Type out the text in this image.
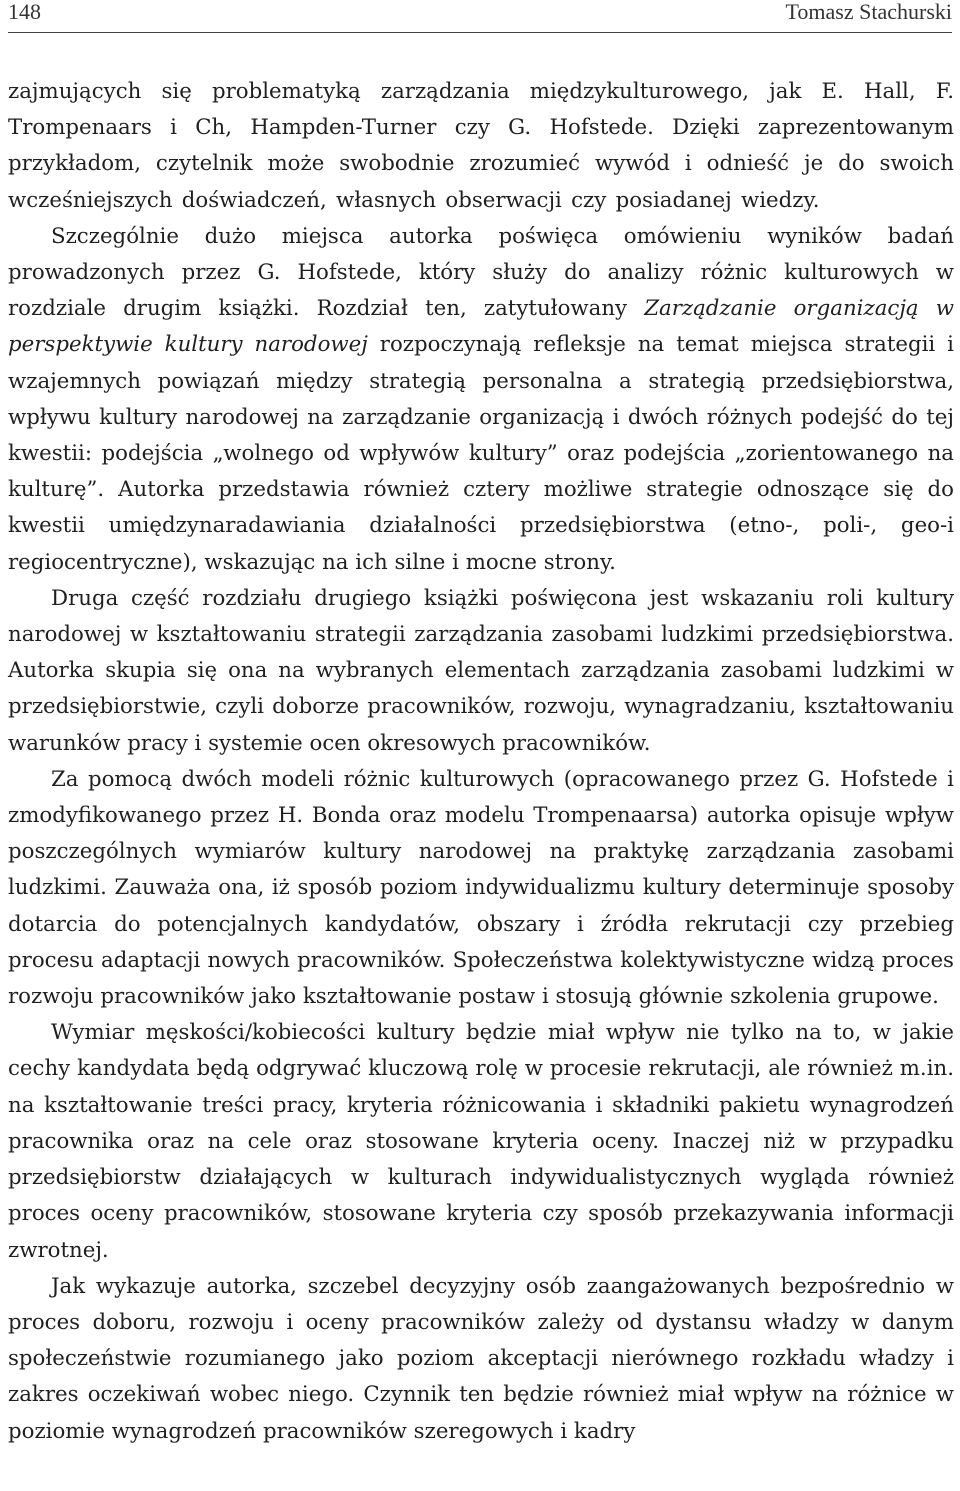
148	Tomasz Stachurski

zajmujących się problematyką zarządzania międzykulturowego, jak E. Hall, F. Trompenaars i Ch, Hampden-Turner czy G. Hofstede. Dzięki zaprezentowanym przykładom, czytelnik może swobodnie zrozumieć wywód i odnieść je do swoich wcześniejszych doświadczeń, własnych obserwacji czy posiadanej wiedzy.

Szczególnie dużo miejsca autorka poświęca omówieniu wyników badań prowadzonych przez G. Hofstede, który służy do analizy różnic kulturowych w rozdziale drugim książki. Rozdział ten, zatytułowany Zarządzanie organizacją w perspektywie kultury narodowej rozpoczynają refleksje na temat miejsca strategii i wzajemnych powiązań między strategią personalna a strategią przedsiębiorstwa, wpływu kultury narodowej na zarządzanie organizacją i dwóch różnych podejść do tej kwestii: podejścia „wolnego od wpływów kultury” oraz podejścia „zorientowanego na kulturę”. Autorka przedstawia również cztery możliwe strategie odnoszące się do kwestii umiędzynaradawiania działalności przedsiębiorstwa (etno-, poli-, geo-i regiocentryczne), wskazując na ich silne i mocne strony.

Druga część rozdziału drugiego książki poświęcona jest wskazaniu roli kultury narodowej w kształtowaniu strategii zarządzania zasobami ludzkimi przedsiębiorstwa. Autorka skupia się ona na wybranych elementach zarządzania zasobami ludzkimi w przedsiębiorstwie, czyli doborze pracowników, rozwoju, wynagradzaniu, kształtowaniu warunków pracy i systemie ocen okresowych pracowników.

Za pomocą dwóch modeli różnic kulturowych (opracowanego przez G. Hofstede i zmodyfikowanego przez H. Bonda oraz modelu Trompenaarsa) autorka opisuje wpływ poszczególnych wymiarów kultury narodowej na praktykę zarządzania zasobami ludzkimi. Zauważa ona, iż sposób poziom indywidualizmu kultury determinuje sposoby dotarcia do potencjalnych kandydatów, obszary i źródła rekrutacji czy przebieg procesu adaptacji nowych pracowników. Społeczeństwa kolektywistyczne widzą proces rozwoju pracowników jako kształtowanie postaw i stosują głównie szkolenia grupowe.

Wymiar męskości/kobiecości kultury będzie miał wpływ nie tylko na to, w jakie cechy kandydata będą odgrywać kluczową rolę w procesie rekrutacji, ale również m.in. na kształtowanie treści pracy, kryteria różnicowania i składniki pakietu wynagrodzeń pracownika oraz na cele oraz stosowane kryteria oceny. Inaczej niż w przypadku przedsiębiorstw działających w kulturach indywidualistycznych wygląda również proces oceny pracowników, stosowane kryteria czy sposób przekazywania informacji zwrotnej.

Jak wykazuje autorka, szczebel decyzyjny osób zaangażowanych bezpośrednio w proces doboru, rozwoju i oceny pracowników zależy od dystansu władzy w danym społeczeństwie rozumianego jako poziom akceptacji nierównego rozkładu władzy i zakres oczekiwań wobec niego. Czynnik ten będzie również miał wpływ na różnice w poziomie wynagrodzeń pracowników szeregowych i kadry
